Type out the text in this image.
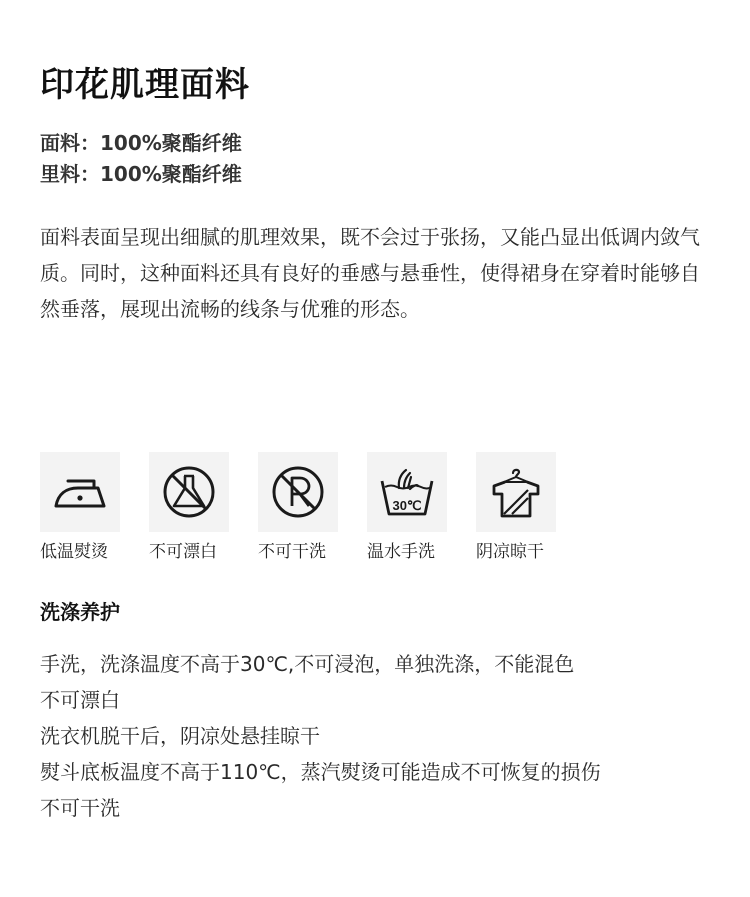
印花肌理面料
面料：100%聚酯纤维
里料：100%聚酯纤维

面料表面呈现出细腻的肌理效果，既不会过于张扬，又能凸显出低调内敛气质。同时，这种面料还具有良好的垂感与悬垂性，使得裙身在穿着时能够自然垂落，展现出流畅的线条与优雅的形态。

低温熨烫	不可漂白	不可干洗
30℃
温水手洗	阴凉晾干
洗涤养护
手洗，洗涤温度不高于30℃,不可浸泡，单独洗涤，不能混色
不可漂白
洗衣机脱干后，阴凉处悬挂晾干
熨斗底板温度不高于110℃，蒸汽熨烫可能造成不可恢复的损伤
不可干洗
